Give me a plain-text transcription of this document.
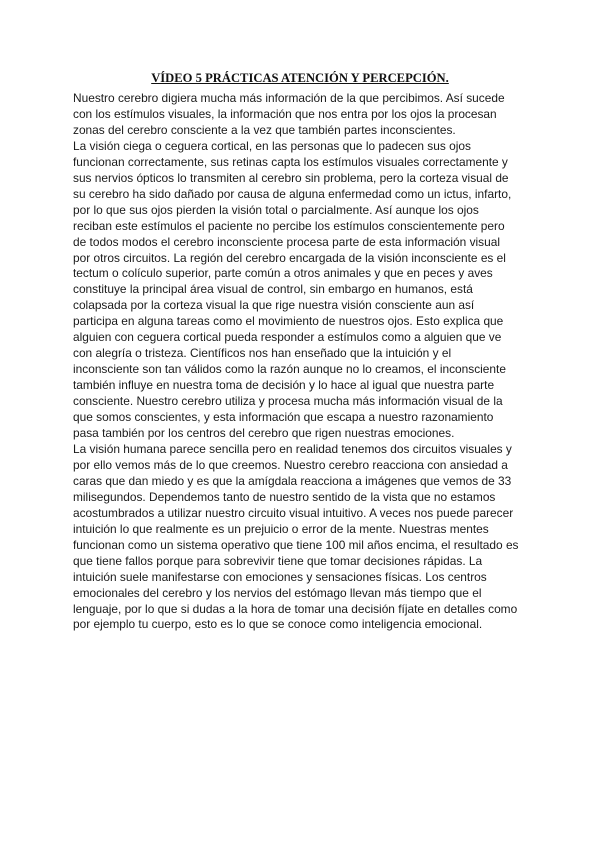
VÍDEO 5 PRÁCTICAS ATENCIÓN Y PERCEPCIÓN.

Nuestro cerebro digiera mucha más información de la que percibimos. Así sucede
con los estímulos visuales, la información que nos entra por los ojos la procesan
zonas del cerebro consciente a la vez que también partes inconscientes.
La visión ciega o ceguera cortical, en las personas que lo padecen sus ojos
funcionan correctamente, sus retinas capta los estímulos visuales correctamente y
sus nervios ópticos lo transmiten al cerebro sin problema, pero la corteza visual de
su cerebro ha sido dañado por causa de alguna enfermedad como un ictus, infarto,
por lo que sus ojos pierden la visión total o parcialmente. Así aunque los ojos
reciban este estímulos el paciente no percibe los estímulos conscientemente pero
de todos modos el cerebro inconsciente procesa parte de esta información visual
por otros circuitos. La región del cerebro encargada de la visión inconsciente es el
tectum o colículo superior, parte común a otros animales y que en peces y aves
constituye la principal área visual de control, sin embargo en humanos, está
colapsada por la corteza visual la que rige nuestra visión consciente aun así
participa en alguna tareas como el movimiento de nuestros ojos. Esto explica que
alguien con ceguera cortical pueda responder a estímulos como a alguien que ve
con alegría o tristeza. Científicos nos han enseñado que la intuición y el
inconsciente son tan válidos como la razón aunque no lo creamos, el inconsciente
también influye en nuestra toma de decisión y lo hace al igual que nuestra parte
consciente. Nuestro cerebro utiliza y procesa mucha más información visual de la
que somos conscientes, y esta información que escapa a nuestro razonamiento
pasa también por los centros del cerebro que rigen nuestras emociones.
La visión humana parece sencilla pero en realidad tenemos dos circuitos visuales y
por ello vemos más de lo que creemos. Nuestro cerebro reacciona con ansiedad a
caras que dan miedo y es que la amígdala reacciona a imágenes que vemos de 33
milisegundos. Dependemos tanto de nuestro sentido de la vista que no estamos
acostumbrados a utilizar nuestro circuito visual intuitivo. A veces nos puede parecer
intuición lo que realmente es un prejuicio o error de la mente. Nuestras mentes
funcionan como un sistema operativo que tiene 100 mil años encima, el resultado es
que tiene fallos porque para sobrevivir tiene que tomar decisiones rápidas. La
intuición suele manifestarse con emociones y sensaciones físicas. Los centros
emocionales del cerebro y los nervios del estómago llevan más tiempo que el
lenguaje, por lo que si dudas a la hora de tomar una decisión fíjate en detalles como
por ejemplo tu cuerpo, esto es lo que se conoce como inteligencia emocional.
